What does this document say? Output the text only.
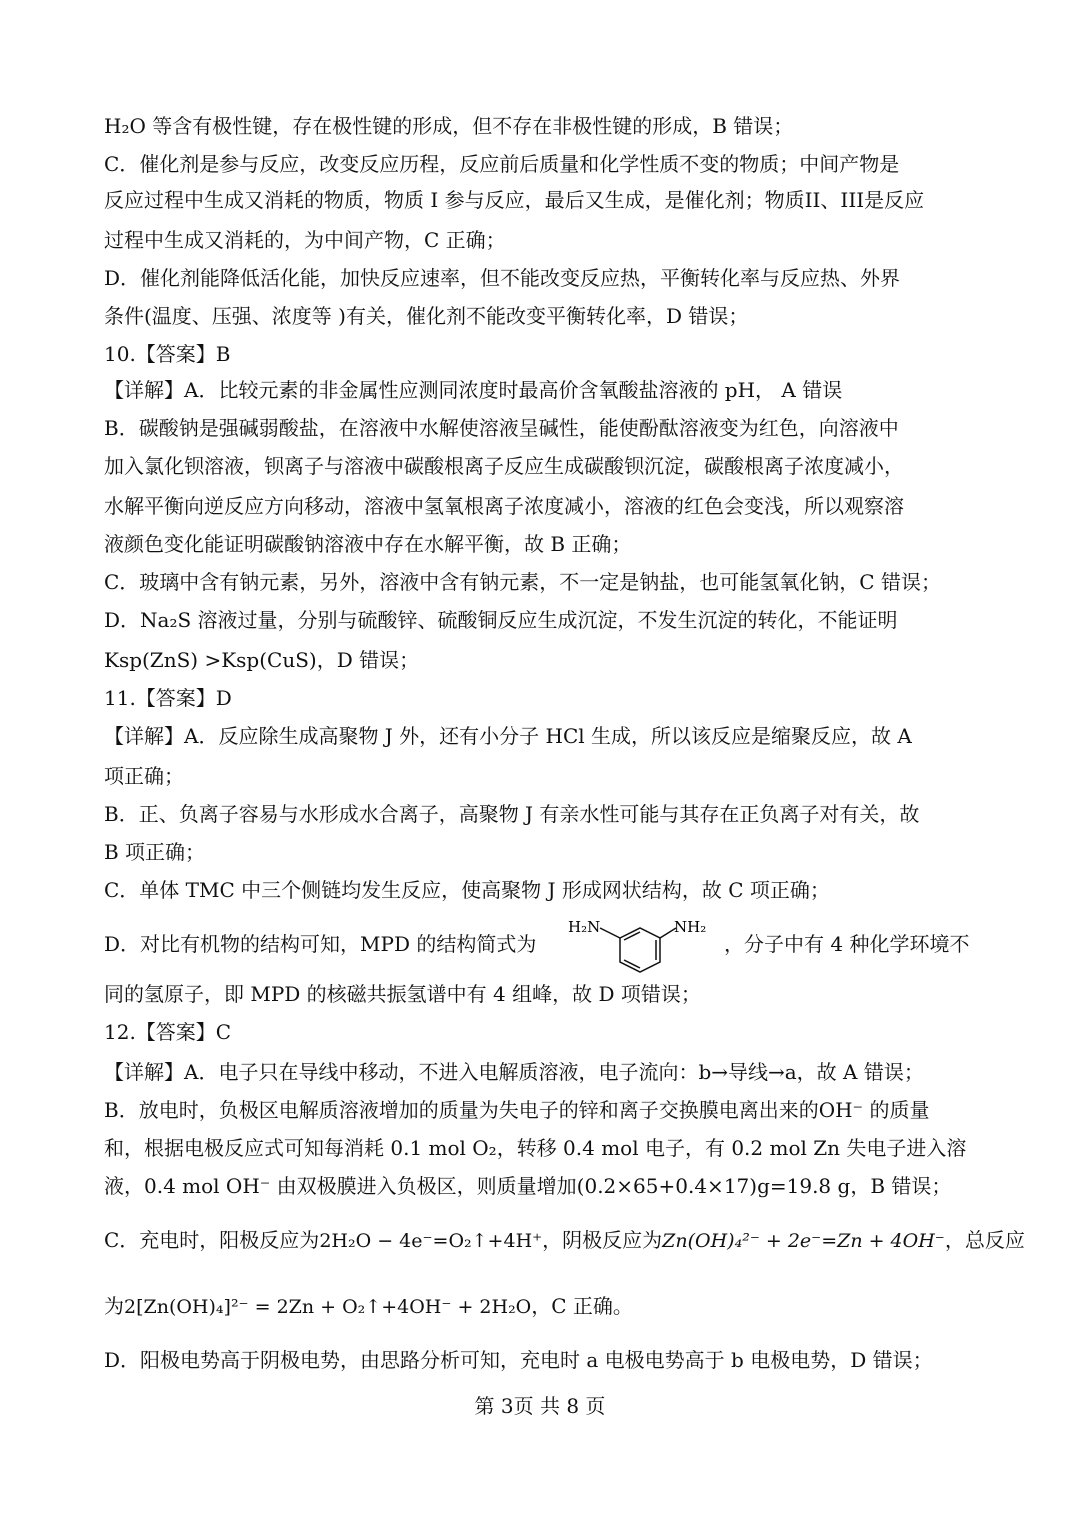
H₂O 等含有极性键，存在极性键的形成，但不存在非极性键的形成，B 错误；
C．催化剂是参与反应，改变反应历程，反应前后质量和化学性质不变的物质；中间产物是
反应过程中生成又消耗的物质，物质 I 参与反应，最后又生成，是催化剂；物质II、III是反应
过程中生成又消耗的，为中间产物，C 正确；
D．催化剂能降低活化能，加快反应速率，但不能改变反应热，平衡转化率与反应热、外界
条件(温度、压强、浓度等 )有关，催化剂不能改变平衡转化率，D 错误；
10.【答案】B
【详解】A．比较元素的非金属性应测同浓度时最高价含氧酸盐溶液的 pH， A 错误
B．碳酸钠是强碱弱酸盐，在溶液中水解使溶液呈碱性，能使酚酞溶液变为红色，向溶液中
加入氯化钡溶液，钡离子与溶液中碳酸根离子反应生成碳酸钡沉淀，碳酸根离子浓度减小，
水解平衡向逆反应方向移动，溶液中氢氧根离子浓度减小，溶液的红色会变浅，所以观察溶
液颜色变化能证明碳酸钠溶液中存在水解平衡，故 B 正确；
C．玻璃中含有钠元素，另外，溶液中含有钠元素，不一定是钠盐，也可能氢氧化钠，C 错误；
D．Na₂S 溶液过量，分别与硫酸锌、硫酸铜反应生成沉淀，不发生沉淀的转化，不能证明
Ksp(ZnS) >Ksp(CuS)，D 错误；
11.【答案】D
【详解】A．反应除生成高聚物 J 外，还有小分子 HCl 生成，所以该反应是缩聚反应，故 A
项正确；
B．正、负离子容易与水形成水合离子，高聚物 J 有亲水性可能与其存在正负离子对有关，故
B 项正确；
C．单体 TMC 中三个侧链均发生反应，使高聚物 J 形成网状结构，故 C 项正确；
D．对比有机物的结构可知，MPD 的结构简式为
H₂N	NH₂
，分子中有 4 种化学环境不
同的氢原子，即 MPD 的核磁共振氢谱中有 4 组峰，故 D 项错误；
12.【答案】C
【详解】A．电子只在导线中移动，不进入电解质溶液，电子流向：b→导线→a，故 A 错误；
B．放电时，负极区电解质溶液增加的质量为失电子的锌和离子交换膜电离出来的OH⁻ 的质量
和，根据电极反应式可知每消耗 0.1 mol O₂，转移 0.4 mol 电子，有 0.2 mol Zn 失电子进入溶
液，0.4 mol OH⁻ 由双极膜进入负极区，则质量增加(0.2×65+0.4×17)g=19.8 g，B 错误；
C．充电时，阳极反应为2H₂O − 4e⁻=O₂↑+4H⁺，阴极反应为Zn(OH)₄²⁻ + 2e⁻=Zn + 4OH⁻，总反应
为2[Zn(OH)₄]²⁻ = 2Zn + O₂↑+4OH⁻ + 2H₂O，C 正确。
D．阳极电势高于阴极电势，由思路分析可知，充电时 a 电极电势高于 b 电极电势，D 错误；
第 3页 共 8 页
